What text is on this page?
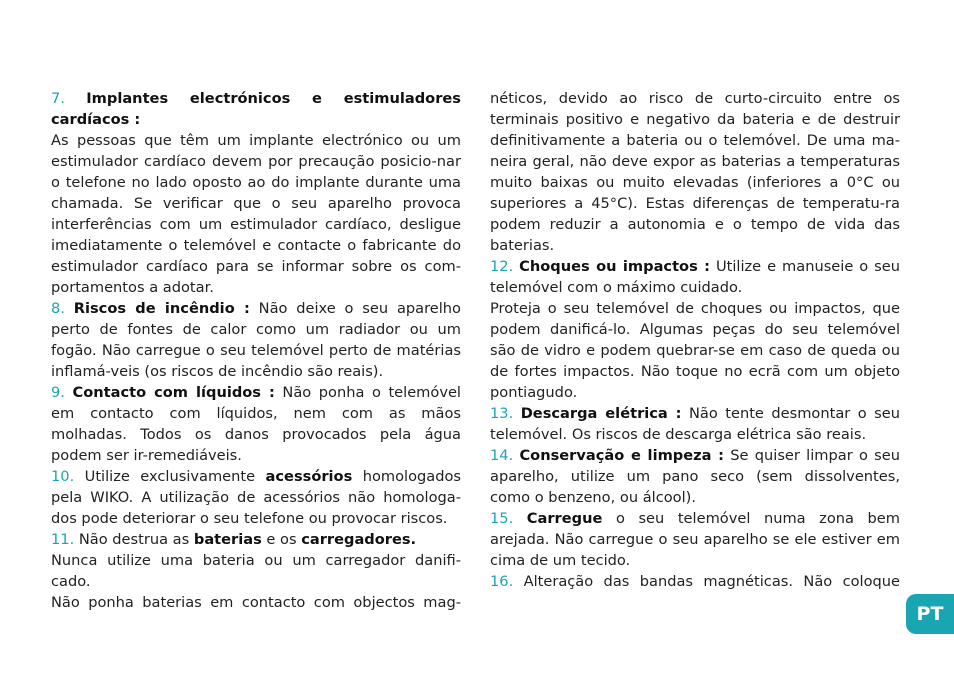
7. Implantes electrónicos e estimuladores cardíacos :

As pessoas que têm um implante electrónico ou um estimulador cardíaco devem por precaução posicio-nar o telefone no lado oposto ao do implante durante uma chamada. Se verificar que o seu aparelho provoca interferências com um estimulador cardíaco, desligue imediatamente o telemóvel e contacte o fabricante do estimulador cardíaco para se informar sobre os com-portamentos a adotar.

8. Riscos de incêndio : Não deixe o seu aparelho perto de fontes de calor como um radiador ou um fogão. Não carregue o seu telemóvel perto de matérias inflamá-veis (os riscos de incêndio são reais).

9. Contacto com líquidos : Não ponha o telemóvel em contacto com líquidos, nem com as mãos molhadas. Todos os danos provocados pela água podem ser ir-remediáveis.

10. Utilize exclusivamente acessórios homologados pela WIKO. A utilização de acessórios não homologa-dos pode deteriorar o seu telefone ou provocar riscos.

11. Não destrua as baterias e os carregadores.

Nunca utilize uma bateria ou um carregador danifi-cado.

Não ponha baterias em contacto com objectos mag-

néticos, devido ao risco de curto-circuito entre os terminais positivo e negativo da bateria e de destruir definitivamente a bateria ou o telemóvel. De uma ma-neira geral, não deve expor as baterias a temperaturas muito baixas ou muito elevadas (inferiores a 0°C ou superiores a 45°C). Estas diferenças de temperatu-ra podem reduzir a autonomia e o tempo de vida das baterias.

12. Choques ou impactos : Utilize e manuseie o seu telemóvel com o máximo cuidado.

Proteja o seu telemóvel de choques ou impactos, que podem danificá-lo. Algumas peças do seu telemóvel são de vidro e podem quebrar-se em caso de queda ou de fortes impactos. Não toque no ecrã com um objeto pontiagudo.

13. Descarga elétrica : Não tente desmontar o seu telemóvel. Os riscos de descarga elétrica são reais.

14. Conservação e limpeza : Se quiser limpar o seu aparelho, utilize um pano seco (sem dissolventes, como o benzeno, ou álcool).

15. Carregue o seu telemóvel numa zona bem arejada. Não carregue o seu aparelho se ele estiver em cima de um tecido.

16. Alteração das bandas magnéticas. Não coloque

PT
